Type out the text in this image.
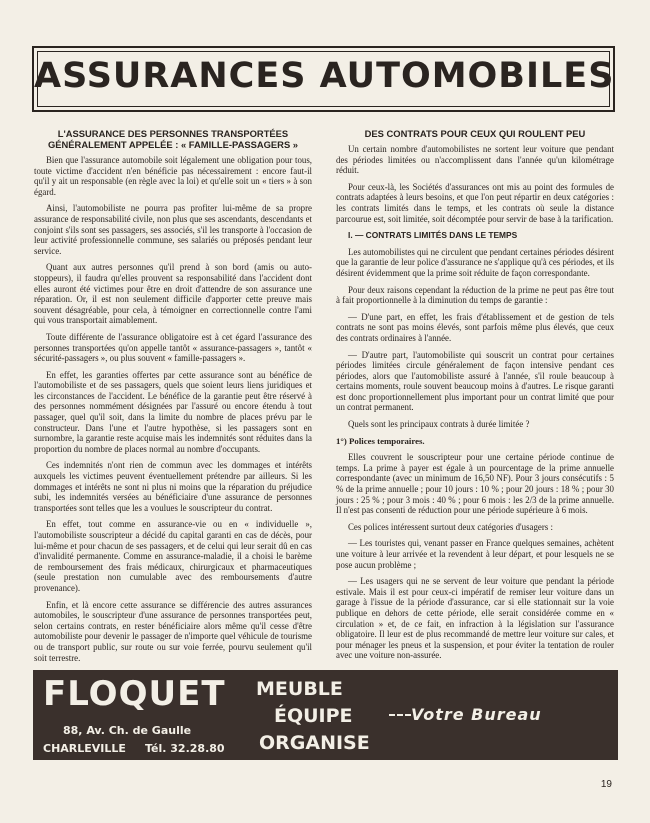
ASSURANCES AUTOMOBILES
L'ASSURANCE DES PERSONNES TRANSPORTÉES GÉNÉRALEMENT APPELÉE : « FAMILLE-PASSAGERS »

Bien que l'assurance automobile soit légalement une obligation pour tous, toute victime d'accident n'en bénéficie pas nécessairement : encore faut-il qu'il y ait un responsable (en règle avec la loi) et qu'elle soit un « tiers » à son égard.

Ainsi, l'automobiliste ne pourra pas profiter lui-même de sa propre assurance de responsabilité civile, non plus que ses ascendants, descendants et conjoint s'ils sont ses passagers, ses associés, s'il les transporte à l'occasion de leur activité professionnelle commune, ses salariés ou préposés pendant leur service.

Quant aux autres personnes qu'il prend à son bord (amis ou auto-stoppeurs), il faudra qu'elles prouvent sa responsabilité dans l'accident dont elles auront été victimes pour être en droit d'attendre de son assurance une réparation. Or, il est non seulement difficile d'apporter cette preuve mais souvent désagréable, pour cela, à témoigner en correctionnelle contre l'ami qui vous transportait aimablement.

Toute différente de l'assurance obligatoire est à cet égard l'assurance des personnes transportées qu'on appelle tantôt « assurance-passagers », tantôt « sécurité-passagers », ou plus souvent « famille-passagers ».

En effet, les garanties offertes par cette assurance sont au bénéfice de l'automobiliste et de ses passagers, quels que soient leurs liens juridiques et les circonstances de l'accident. Le bénéfice de la garantie peut être réservé à des personnes nommément désignées par l'assuré ou encore étendu à tout passager, quel qu'il soit, dans la limite du nombre de places prévu par le constructeur. Dans l'une et l'autre hypothèse, si les passagers sont en surnombre, la garantie reste acquise mais les indemnités sont réduites dans la proportion du nombre de places normal au nombre d'occupants.

Ces indemnités n'ont rien de commun avec les dommages et intérêts auxquels les victimes peuvent éventuellement prétendre par ailleurs. Si les dommages et intérêts ne sont ni plus ni moins que la réparation du préjudice subi, les indemnités versées au bénéficiaire d'une assurance de personnes transportées sont telles que les a voulues le souscripteur du contrat.

En effet, tout comme en assurance-vie ou en « individuelle », l'automobiliste souscripteur a décidé du capital garanti en cas de décès, pour lui-même et pour chacun de ses passagers, et de celui qui leur serait dû en cas d'invalidité permanente. Comme en assurance-maladie, il a choisi le barème de remboursement des frais médicaux, chirurgicaux et pharmaceutiques (seule prestation non cumulable avec des remboursements d'autre provenance).

Enfin, et là encore cette assurance se différencie des autres assurances automobiles, le souscripteur d'une assurance de personnes transportées peut, selon certains contrats, en rester bénéficiaire alors même qu'il cesse d'être automobiliste pour devenir le passager de n'importe quel véhicule de tourisme ou de transport public, sur route ou sur voie ferrée, pourvu seulement qu'il soit terrestre.

DES CONTRATS POUR CEUX QUI ROULENT PEU

Un certain nombre d'automobilistes ne sortent leur voiture que pendant des périodes limitées ou n'accomplissent dans l'année qu'un kilométrage réduit.

Pour ceux-là, les Sociétés d'assurances ont mis au point des formules de contrats adaptées à leurs besoins, et que l'on peut répartir en deux catégories : les contrats limités dans le temps, et les contrats où seule la distance parcourue est, soit limitée, soit décomptée pour servir de base à la tarification.

I. — CONTRATS LIMITÉS DANS LE TEMPS

Les automobilistes qui ne circulent que pendant certaines périodes désirent que la garantie de leur police d'assurance ne s'applique qu'à ces périodes, et ils désirent évidemment que la prime soit réduite de façon correspondante.

Pour deux raisons cependant la réduction de la prime ne peut pas être tout à fait proportionnelle à la diminution du temps de garantie :

— D'une part, en effet, les frais d'établissement et de gestion de tels contrats ne sont pas moins élevés, sont parfois même plus élevés, que ceux des contrats ordinaires à l'année.

— D'autre part, l'automobiliste qui souscrit un contrat pour certaines périodes limitées circule généralement de façon intensive pendant ces périodes, alors que l'automobiliste assuré à l'année, s'il roule beaucoup à certains moments, roule souvent beaucoup moins à d'autres. Le risque garanti est donc proportionnellement plus important pour un contrat limité que pour un contrat permanent.

Quels sont les principaux contrats à durée limitée ?

1°) Polices temporaires.

Elles couvrent le souscripteur pour une certaine période continue de temps. La prime à payer est égale à un pourcentage de la prime annuelle correspondante (avec un minimum de 16,50 NF). Pour 3 jours consécutifs : 5 % de la prime annuelle ; pour 10 jours : 10 % ; pour 20 jours : 18 % ; pour 30 jours : 25 % ; pour 3 mois : 40 % ; pour 6 mois : les 2/3 de la prime annuelle. Il n'est pas consenti de réduction pour une période supérieure à 6 mois.

Ces polices intéressent surtout deux catégories d'usagers :

— Les touristes qui, venant passer en France quelques semaines, achètent une voiture à leur arrivée et la revendent à leur départ, et pour lesquels ne se pose aucun problème ;

— Les usagers qui ne se servent de leur voiture que pendant la période estivale. Mais il est pour ceux-ci impératif de remiser leur voiture dans un garage à l'issue de la période d'assurance, car si elle stationnait sur la voie publique en dehors de cette période, elle serait considérée comme en « circulation » et, de ce fait, en infraction à la législation sur l'assurance obligatoire. Il leur est de plus recommandé de mettre leur voiture sur cales, et pour ménager les pneus et la suspension, et pour éviter la tentation de rouler avec une voiture non-assurée.

FLOQUET
88, Av. Ch. de Gaulle
CHARLEVILLE Tél. 32.28.80
MEUBLE
ÉQUIPE
ORGANISE
Votre Bureau
19
